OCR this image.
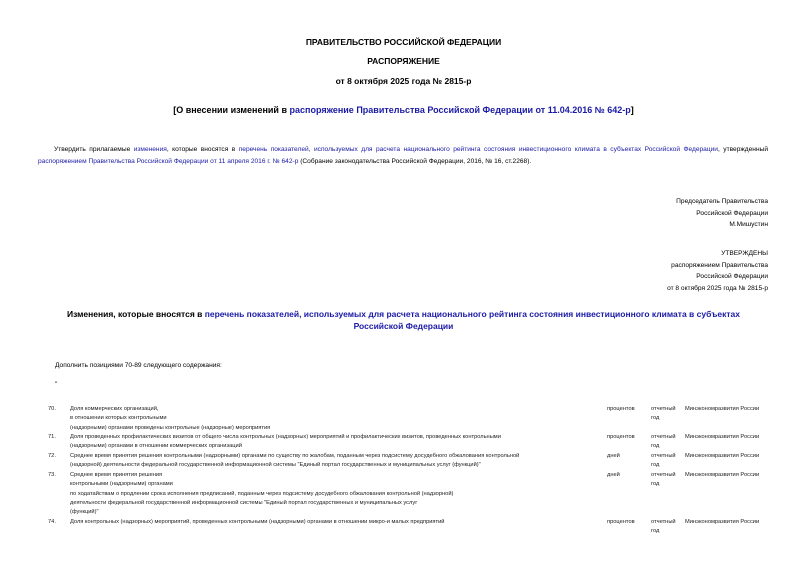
ПРАВИТЕЛЬСТВО РОССИЙСКОЙ ФЕДЕРАЦИИ
РАСПОРЯЖЕНИЕ
от 8 октября 2025 года № 2815-р
[О внесении изменений в распоряжение Правительства Российской Федерации от 11.04.2016 № 642-р]
Утвердить прилагаемые изменения, которые вносятся в перечень показателей, используемых для расчета национального рейтинга состояния инвестиционного климата в субъектах Российской Федерации, утвержденный распоряжением Правительства Российской Федерации от 11 апреля 2016 г. № 642-р (Собрание законодательства Российской Федерации, 2016, № 16, ст.2268).
Председатель Правительства
Российской Федерации
М.Мишустин
УТВЕРЖДЕНЫ
распоряжением Правительства
Российской Федерации
от 8 октября 2025 года № 2815-р
Изменения, которые вносятся в перечень показателей, используемых для расчета национального рейтинга состояния инвестиционного климата в субъектах Российской Федерации
Дополнить позициями 70-89 следующего содержания:
"
70. Доля коммерческих организаций,
в отношении которых контрольными
(надзорными) органами проведены контрольные (надзорные) мероприятия
процентов	отчетный год
Минэкономразвития России
71. Доля проведенных профилактических визитов от общего числа контрольных (надзорных) мероприятий и профилактических визитов, проведенных контрольными
(надзорными) органами в отношении коммерческих организаций
процентов	отчетный год
Минэкономразвития России
72. Среднее время принятия решения контрольными (надзорными) органами по существу по жалобам, поданным через подсистему досудебного обжалования контрольной
(надзорной) деятельности федеральной государственной информационной системы "Единый портал государственных и муниципальных услуг (функций)"
дней	отчетный год
Минэкономразвития России
73. Среднее время принятия решения
контрольными (надзорными) органами
по ходатайствам о продлении срока исполнения предписаний, поданным через подсистему досудебного обжалования контрольной (надзорной)
деятельности федеральной государственной информационной системы "Единый портал государственных и муниципальных услуг
(функций)"
дней	отчетный год
Минэкономразвития России
74. Доля контрольных (надзорных) мероприятий, проведенных контрольными (надзорными) органами в отношении микро-и малых предприятий	процентов	отчетный год
Минэкономразвития России
